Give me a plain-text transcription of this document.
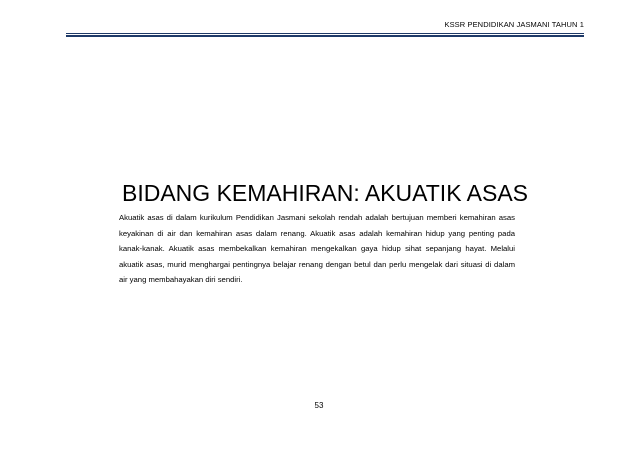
KSSR PENDIDIKAN JASMANI TAHUN 1
BIDANG KEMAHIRAN: AKUATIK ASAS

Akuatik asas di dalam kurikulum Pendidikan Jasmani sekolah rendah adalah bertujuan memberi kemahiran asas keyakinan di air dan kemahiran asas dalam renang. Akuatik asas adalah kemahiran hidup yang penting pada kanak-kanak. Akuatik asas membekalkan kemahiran mengekalkan gaya hidup sihat sepanjang hayat. Melalui akuatik asas, murid menghargai pentingnya belajar renang dengan betul dan perlu mengelak dari situasi di dalam air yang membahayakan diri sendiri.

53
